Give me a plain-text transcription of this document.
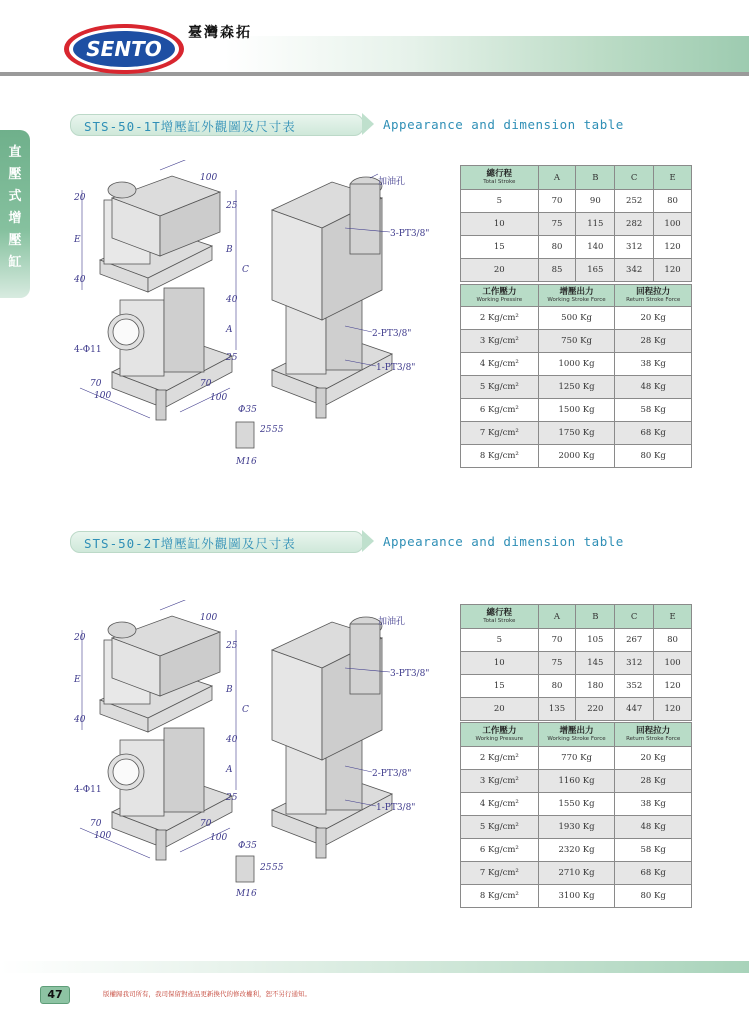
SENTO
臺灣森拓
直壓式增壓缸
STS-50-1T增壓缸外觀圖及尺寸表	Appearance and dimension table
100
25
B
C
40
A
25
20
E
40
70
100
70
100
4-Φ11
加油孔
3-PT3/8"
2-PT3/8"
1-PT3/8"
Φ35
25 55
M16
總行程
Total Stroke	A	B	C	E
5	70	90	252	80
10	75	115	282	100
15	80	140	312	120
20	85	165	342	120
工作壓力
Working Pressire	增壓出力
Working Stroke Force	回程拉力
Return Stroke Force

2 Kg/cm²	500 Kg	20 Kg
3 Kg/cm²	750 Kg	28 Kg
4 Kg/cm²	1000 Kg	38 Kg
5 Kg/cm²	1250 Kg	48 Kg
6 Kg/cm²	1500 Kg	58 Kg
7 Kg/cm²	1750 Kg	68 Kg
8 Kg/cm²	2000 Kg	80 Kg
STS-50-2T增壓缸外觀圖及尺寸表	Appearance and dimension table
100
25
B
C
40
A
25
20
E
40
70
100
70
100
4-Φ11
加油孔
3-PT3/8"
2-PT3/8"
1-PT3/8"
Φ35
25 55
M16
總行程
Total Stroke	A	B	C	E
5	70	105	267	80
10	75	145	312	100
15	80	180	352	120
20	135	220	447	120
工作壓力
Working Pressure	增壓出力
Working Stroke Force	回程拉力
Return Stroke Force

2 Kg/cm²	770 Kg	20 Kg
3 Kg/cm²	1160 Kg	28 Kg
4 Kg/cm²	1550 Kg	38 Kg
5 Kg/cm²	1930 Kg	48 Kg
6 Kg/cm²	2320 Kg	58 Kg
7 Kg/cm²	2710 Kg	68 Kg
8 Kg/cm²	3100 Kg	80 Kg
47	版權歸我司所有，我司保留對產品更新換代的修改權利，恕不另行通知。
